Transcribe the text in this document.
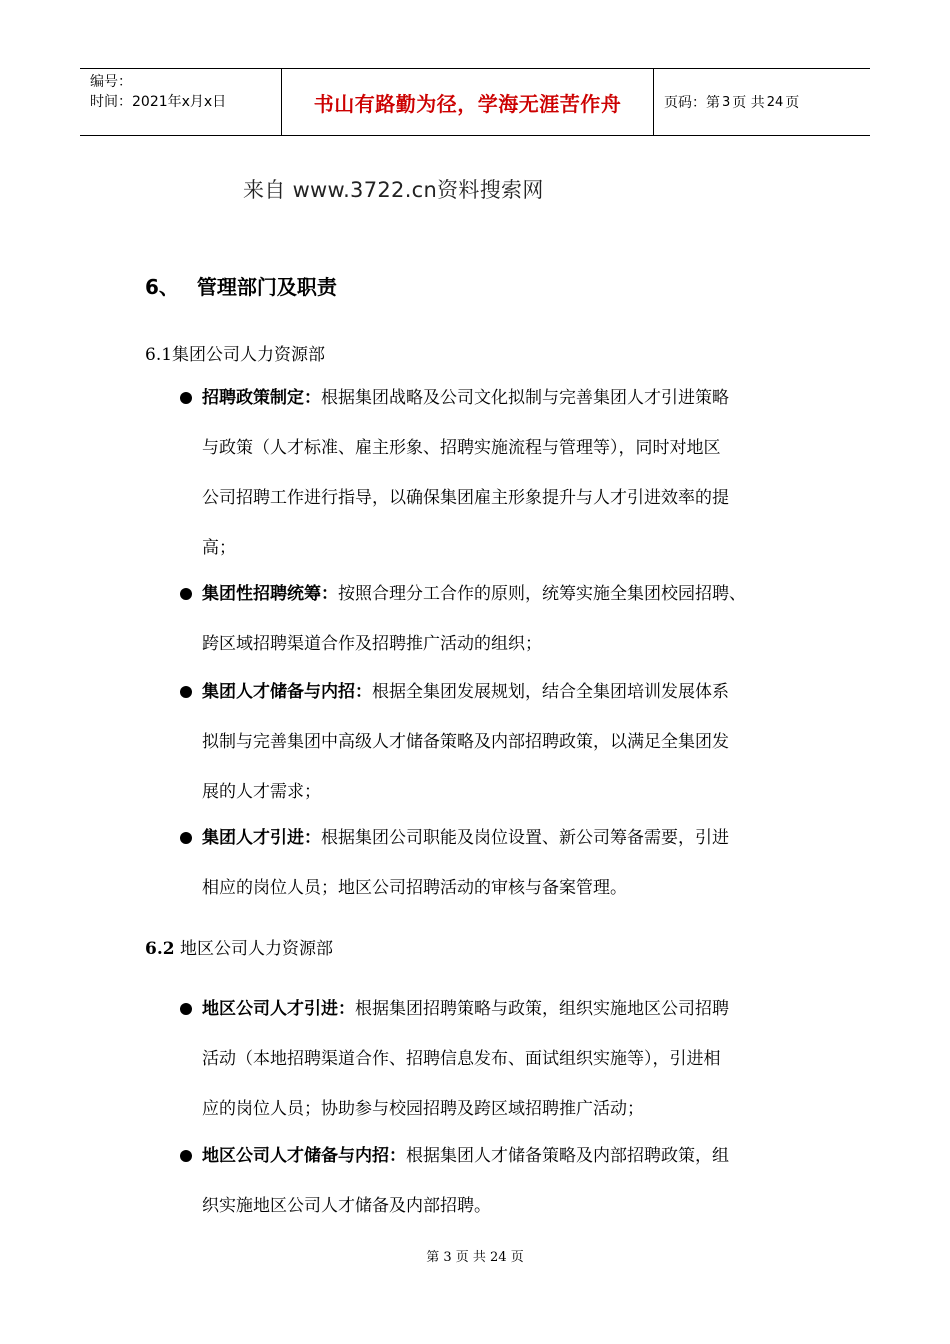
编号：
时间：2021年x月x日	书山有路勤为径，学海无涯苦作舟	页码：第 3 页 共 24 页
来自 www.3722.cn资料搜索网
6、 管理部门及职责
6.1集团公司人力资源部
招聘政策制定：根据集团战略及公司文化拟制与完善集团人才引进策略
与政策（人才标准、雇主形象、招聘实施流程与管理等），同时对地区
公司招聘工作进行指导，以确保集团雇主形象提升与人才引进效率的提
高；
集团性招聘统筹：按照合理分工合作的原则，统筹实施全集团校园招聘、
跨区域招聘渠道合作及招聘推广活动的组织；
集团人才储备与内招：根据全集团发展规划，结合全集团培训发展体系
拟制与完善集团中高级人才储备策略及内部招聘政策，以满足全集团发
展的人才需求；
集团人才引进：根据集团公司职能及岗位设置、新公司筹备需要，引进
相应的岗位人员；地区公司招聘活动的审核与备案管理。
6.2 地区公司人力资源部
地区公司人才引进：根据集团招聘策略与政策，组织实施地区公司招聘
活动（本地招聘渠道合作、招聘信息发布、面试组织实施等），引进相
应的岗位人员；协助参与校园招聘及跨区域招聘推广活动；
地区公司人才储备与内招：根据集团人才储备策略及内部招聘政策，组
织实施地区公司人才储备及内部招聘。
第 3 页 共 24 页
